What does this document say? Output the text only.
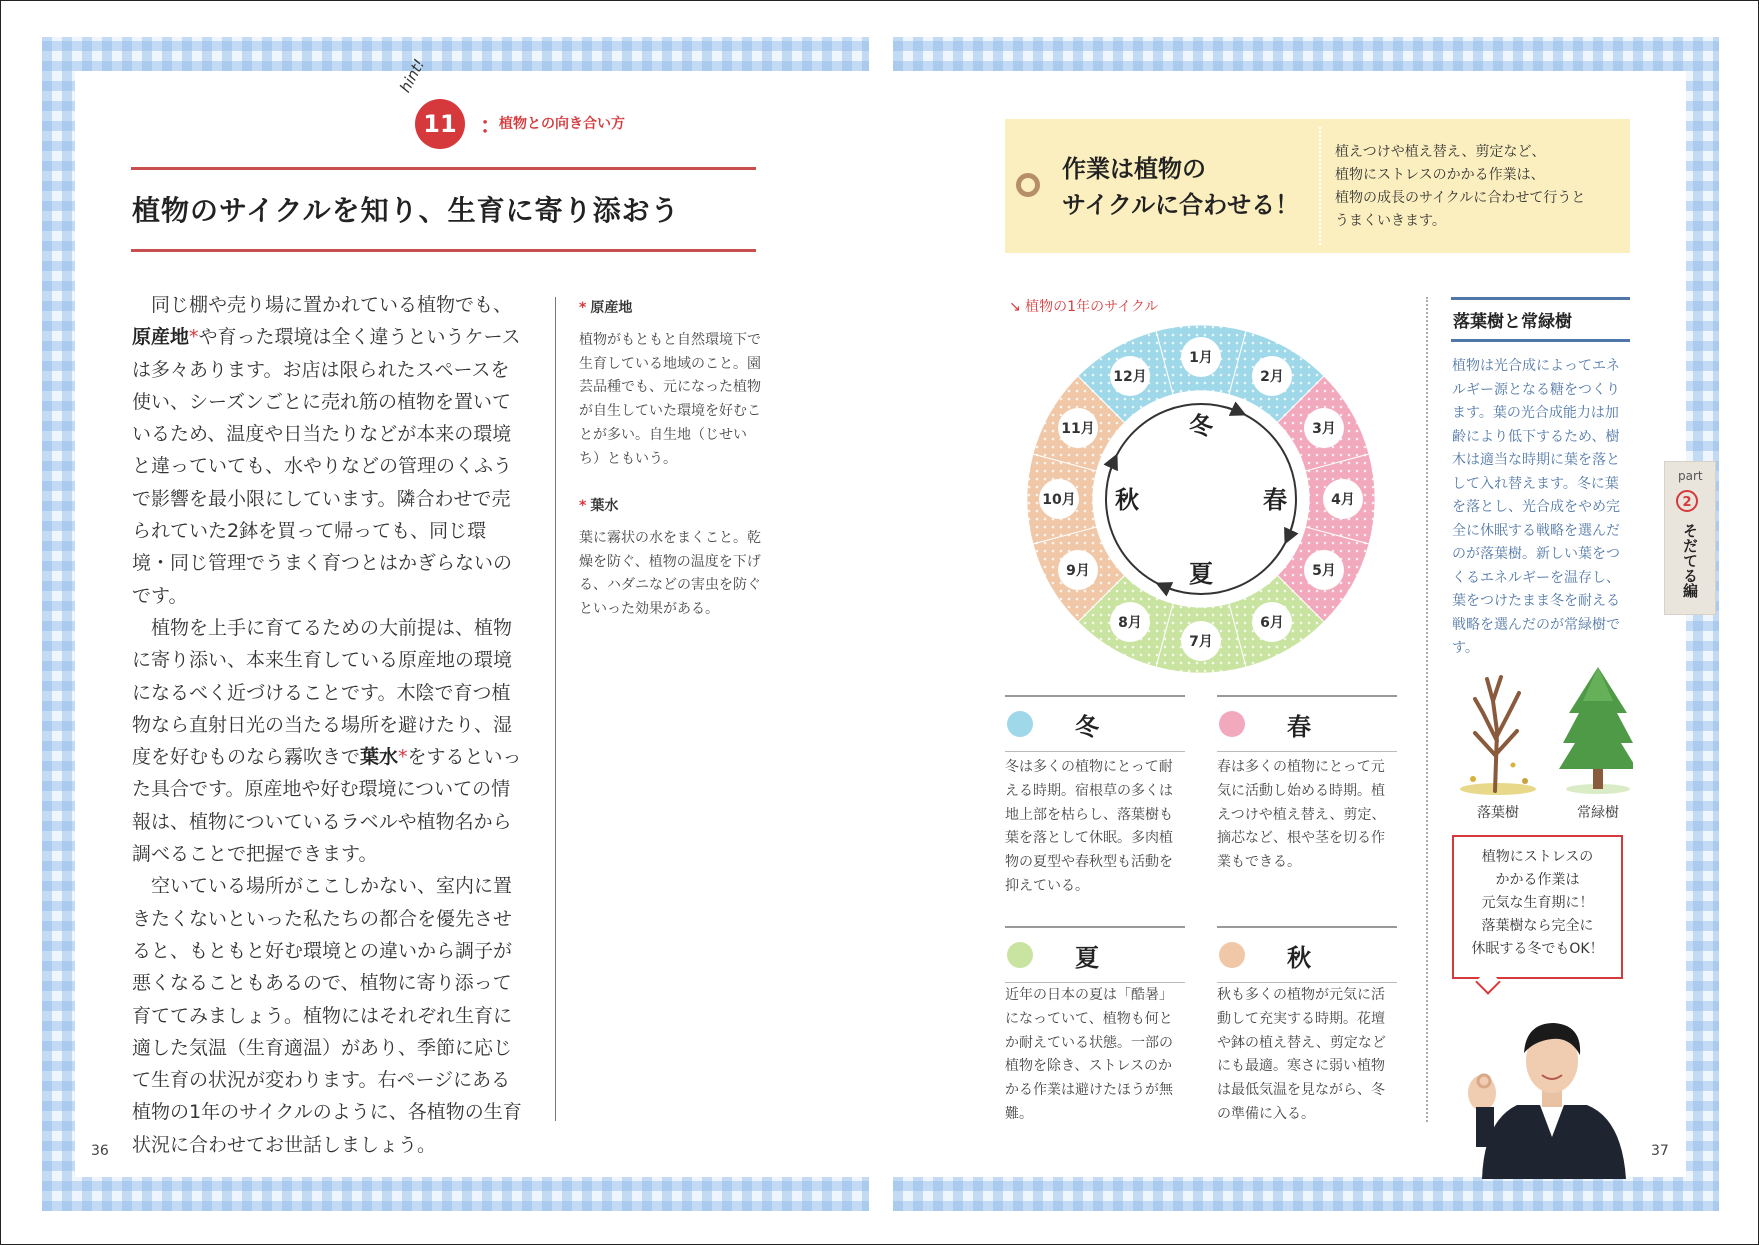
hint!
11	：
植物との向き合い方
植物のサイクルを知り、生育に寄り添おう

同じ棚や売り場に置かれている植物でも、原産地*や育った環境は全く違うというケースは多々あります。お店は限られたスペースを使い、シーズンごとに売れ筋の植物を置いているため、温度や日当たりなどが本来の環境と違っていても、水やりなどの管理のくふうで影響を最小限にしています。隣合わせで売られていた2鉢を買って帰っても、同じ環境・同じ管理でうまく育つとはかぎらないのです。

植物を上手に育てるための大前提は、植物に寄り添い、本来生育している原産地の環境になるべく近づけることです。木陰で育つ植物なら直射日光の当たる場所を避けたり、湿度を好むものなら霧吹きで葉水*をするといった具合です。原産地や好む環境についての情報は、植物についているラベルや植物名から調べることで把握できます。

空いている場所がここしかない、室内に置きたくないといった私たちの都合を優先させると、もともと好む環境との違いから調子が悪くなることもあるので、植物に寄り添って育ててみましょう。植物にはそれぞれ生育に適した気温（生育適温）があり、季節に応じて生育の状況が変わります。右ページにある植物の1年のサイクルのように、各植物の生育状況に合わせてお世話しましょう。

* 原産地
植物がもともと自然環境下で生育している地域のこと。園芸品種でも、元になった植物が自生していた環境を好むことが多い。自生地（じせいち）ともいう。
* 葉水
葉に霧状の水をまくこと。乾燥を防ぐ、植物の温度を下げる、ハダニなどの害虫を防ぐといった効果がある。
36
作業は植物の
サイクルに合わせる！
植えつけや植え替え、剪定など、
植物にストレスのかかる作業は、
植物の成長のサイクルに合わせて行うと
うまくいきます。
↘ 植物の1年のサイクル
1月
2月
3月
4月
5月
6月
7月
8月
9月
10月
11月
12月
冬
春
夏
秋
冬
冬は多くの植物にとって耐える時期。宿根草の多くは地上部を枯らし、落葉樹も葉を落として休眠。多肉植物の夏型や春秋型も活動を抑えている。
春
春は多くの植物にとって元気に活動し始める時期。植えつけや植え替え、剪定、摘芯など、根や茎を切る作業もできる。
夏
近年の日本の夏は「酷暑」になっていて、植物も何とか耐えている状態。一部の植物を除き、ストレスのかかる作業は避けたほうが無難。
秋
秋も多くの植物が元気に活動して充実する時期。花壇や鉢の植え替え、剪定などにも最適。寒さに弱い植物は最低気温を見ながら、冬の準備に入る。
落葉樹と常緑樹
植物は光合成によってエネルギー源となる糖をつくります。葉の光合成能力は加齢により低下するため、樹木は適当な時期に葉を落として入れ替えます。冬に葉を落とし、光合成をやめ完全に休眠する戦略を選んだのが落葉樹。新しい葉をつくるエネルギーを温存し、葉をつけたまま冬を耐える戦略を選んだのが常緑樹です。
落葉樹	常緑樹
植物にストレスの
かかる作業は
元気な生育期に！
落葉樹なら完全に
休眠する冬でもOK！
part
2
そだてる編
37
